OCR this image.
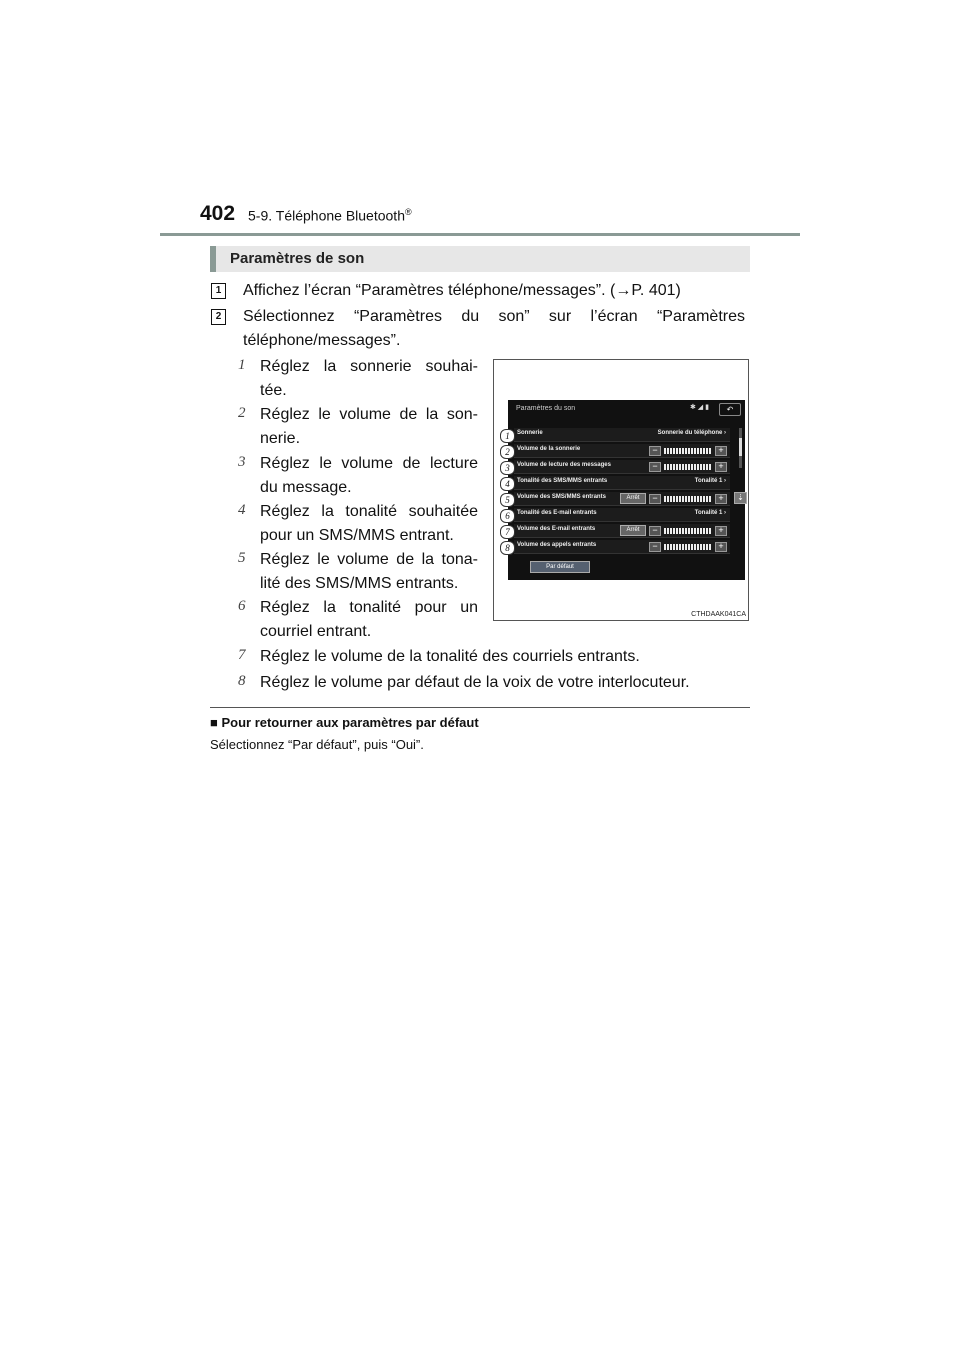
402 5-9. Téléphone Bluetooth®
Paramètres de son
1 Affichez l’écran “Paramètres téléphone/messages”. (→P. 401)
2 Sélectionnez “Paramètres du son” sur l’écran “Paramètres
téléphone/messages”.
1 Réglez la sonnerie souhai-
tée.
2 Réglez le volume de la son-
nerie.
3 Réglez le volume de lecture
du message.
4 Réglez la tonalité souhaitée
pour un SMS/MMS entrant.
5 Réglez le volume de la tona-
lité des SMS/MMS entrants.
6 Réglez la tonalité pour un
courriel entrant.
7 Réglez le volume de la tonalité des courriels entrants.
8 Réglez le volume par défaut de la voix de votre interlocuteur.
Paramètres du son	✱ ◢ ▮	↶
Sonnerie	Sonnerie du téléphone ›
Volume de la sonnerie	−	+
Volume de lecture des messages	−	+
Tonalité des SMS/MMS entrants	Tonalité 1 ›
Volume des SMS/MMS entrants	Arrêt	−	+
Tonalité des E-mail entrants	Tonalité 1 ›
Volume des E-mail entrants	Arrêt	−	+
Volume des appels entrants	−	+
⇣
Par défaut
1
2
3
4
5
6
7
8
CTHDAAK041CA
■ Pour retourner aux paramètres par défaut
Sélectionnez “Par défaut”, puis “Oui”.
